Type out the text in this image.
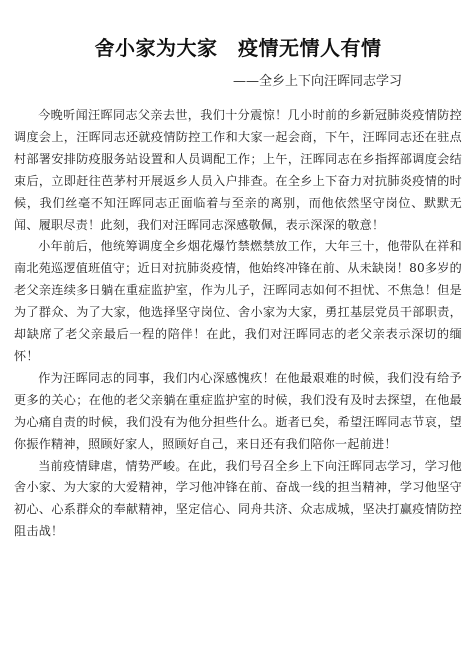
舍小家为大家　疫情无情人有情
——全乡上下向汪晖同志学习

今晚听闻汪晖同志父亲去世，我们十分震惊！几小时前的乡新冠肺炎疫情防控调度会上，汪晖同志还就疫情防控工作和大家一起会商，下午，汪晖同志还在驻点村部署安排防疫服务站设置和人员调配工作；上午，汪晖同志在乡指挥部调度会结束后，立即赶往芭茅村开展返乡人员入户排查。在全乡上下奋力对抗肺炎疫情的时候，我们丝毫不知汪晖同志正面临着与至亲的离别，而他依然坚守岗位、默默无闻、履职尽责！此刻，我们对汪晖同志深感敬佩，表示深深的敬意！

小年前后，他统筹调度全乡烟花爆竹禁燃禁放工作，大年三十，他带队在祥和南北苑巡逻值班值守；近日对抗肺炎疫情，他始终冲锋在前、从未缺岗！80多岁的老父亲连续多日躺在重症监护室，作为儿子，汪晖同志如何不担忧、不焦急！但是为了群众、为了大家，他选择坚守岗位、舍小家为大家，勇扛基层党员干部职责，却缺席了老父亲最后一程的陪伴！在此，我们对汪晖同志的老父亲表示深切的缅怀！

作为汪晖同志的同事，我们内心深感愧疚！在他最艰难的时候，我们没有给予更多的关心；在他的老父亲躺在重症监护室的时候，我们没有及时去探望，在他最为心痛自责的时候，我们没有为他分担些什么。逝者已矣，希望汪晖同志节哀，望你振作精神，照顾好家人，照顾好自己，来日还有我们陪你一起前进！

当前疫情肆虐，情势严峻。在此，我们号召全乡上下向汪晖同志学习，学习他舍小家、为大家的大爱精神，学习他冲锋在前、奋战一线的担当精神，学习他坚守初心、心系群众的奉献精神，坚定信心、同舟共济、众志成城，坚决打赢疫情防控阻击战！
